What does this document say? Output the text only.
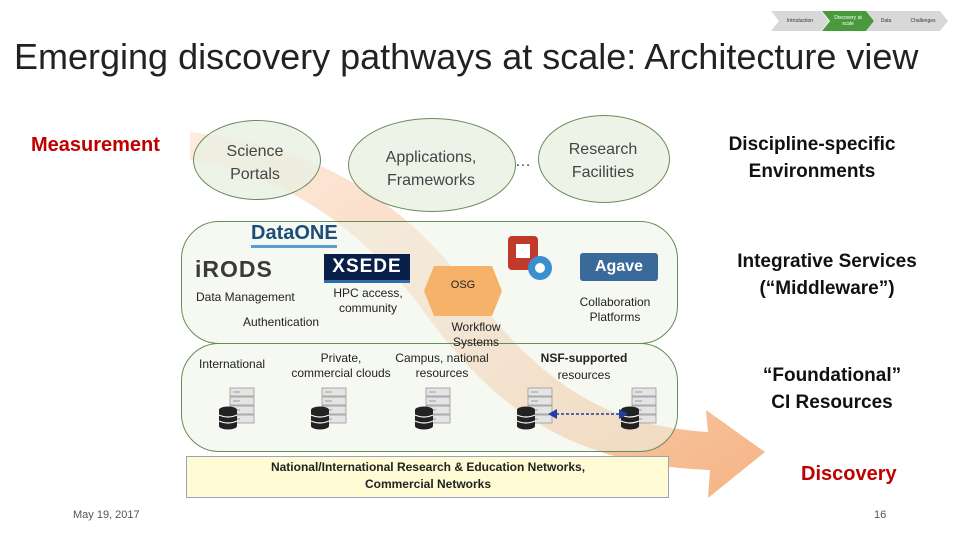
Introduction	Discovery at scale	Data	Challenges
Emerging discovery pathways at scale: Architecture view
Science
Portals
Applications,
Frameworks
…
Research
Facilities
Measurement	Discipline-specific
Environments
Integrative Services
(“Middleware”)
“Foundational”
CI Resources
Discovery
DataONE
iRODS	XSEDE	Agave
OSG
Data Management	HPC access,
community
Authentication	Workflow
Systems
Collaboration
Platforms
International	Private,
commercial clouds
Campus, national
resources
NSF-supported
resources
National/International Research & Education Networks,
Commercial Networks
May 19, 2017	16
